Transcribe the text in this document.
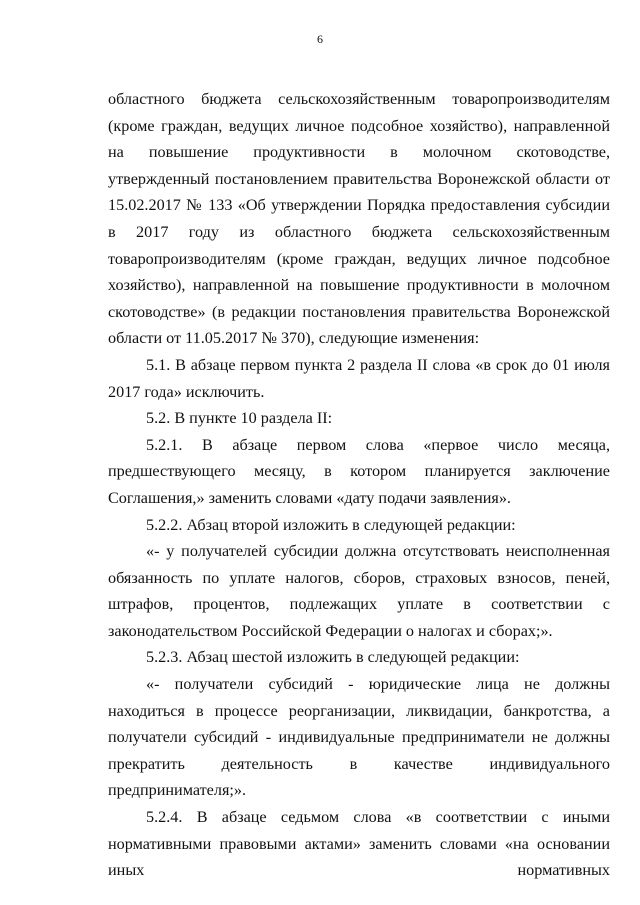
6

областного бюджета сельскохозяйственным товаропроизводителям (кроме граждан, ведущих личное подсобное хозяйство), направленной на повышение продуктивности в молочном скотоводстве, утвержденный постановлением правительства Воронежской области от 15.02.2017 № 133 «Об утверждении Порядка предоставления субсидии в 2017 году из областного бюджета сельскохозяйственным товаропроизводителям (кроме граждан, ведущих личное подсобное хозяйство), направленной на повышение продуктивности в молочном скотоводстве» (в редакции постановления правительства Воронежской области от 11.05.2017 № 370), следующие изменения:

5.1. В абзаце первом пункта 2 раздела II слова «в срок до 01 июля 2017 года» исключить.

5.2. В пункте 10 раздела II:

5.2.1. В абзаце первом слова «первое число месяца, предшествующего месяцу, в котором планируется заключение Соглашения,» заменить словами «дату подачи заявления».

5.2.2. Абзац второй изложить в следующей редакции:

«- у получателей субсидии должна отсутствовать неисполненная обязанность по уплате налогов, сборов, страховых взносов, пеней, штрафов, процентов, подлежащих уплате в соответствии с законодательством Российской Федерации о налогах и сборах;».

5.2.3. Абзац шестой изложить в следующей редакции:

«- получатели субсидий - юридические лица не должны находиться в процессе реорганизации, ликвидации, банкротства, а получатели субсидий - индивидуальные предприниматели не должны прекратить деятельность в качестве индивидуального предпринимателя;».

5.2.4. В абзаце седьмом слова «в соответствии с иными нормативными правовыми актами» заменить словами «на основании иных нормативных
